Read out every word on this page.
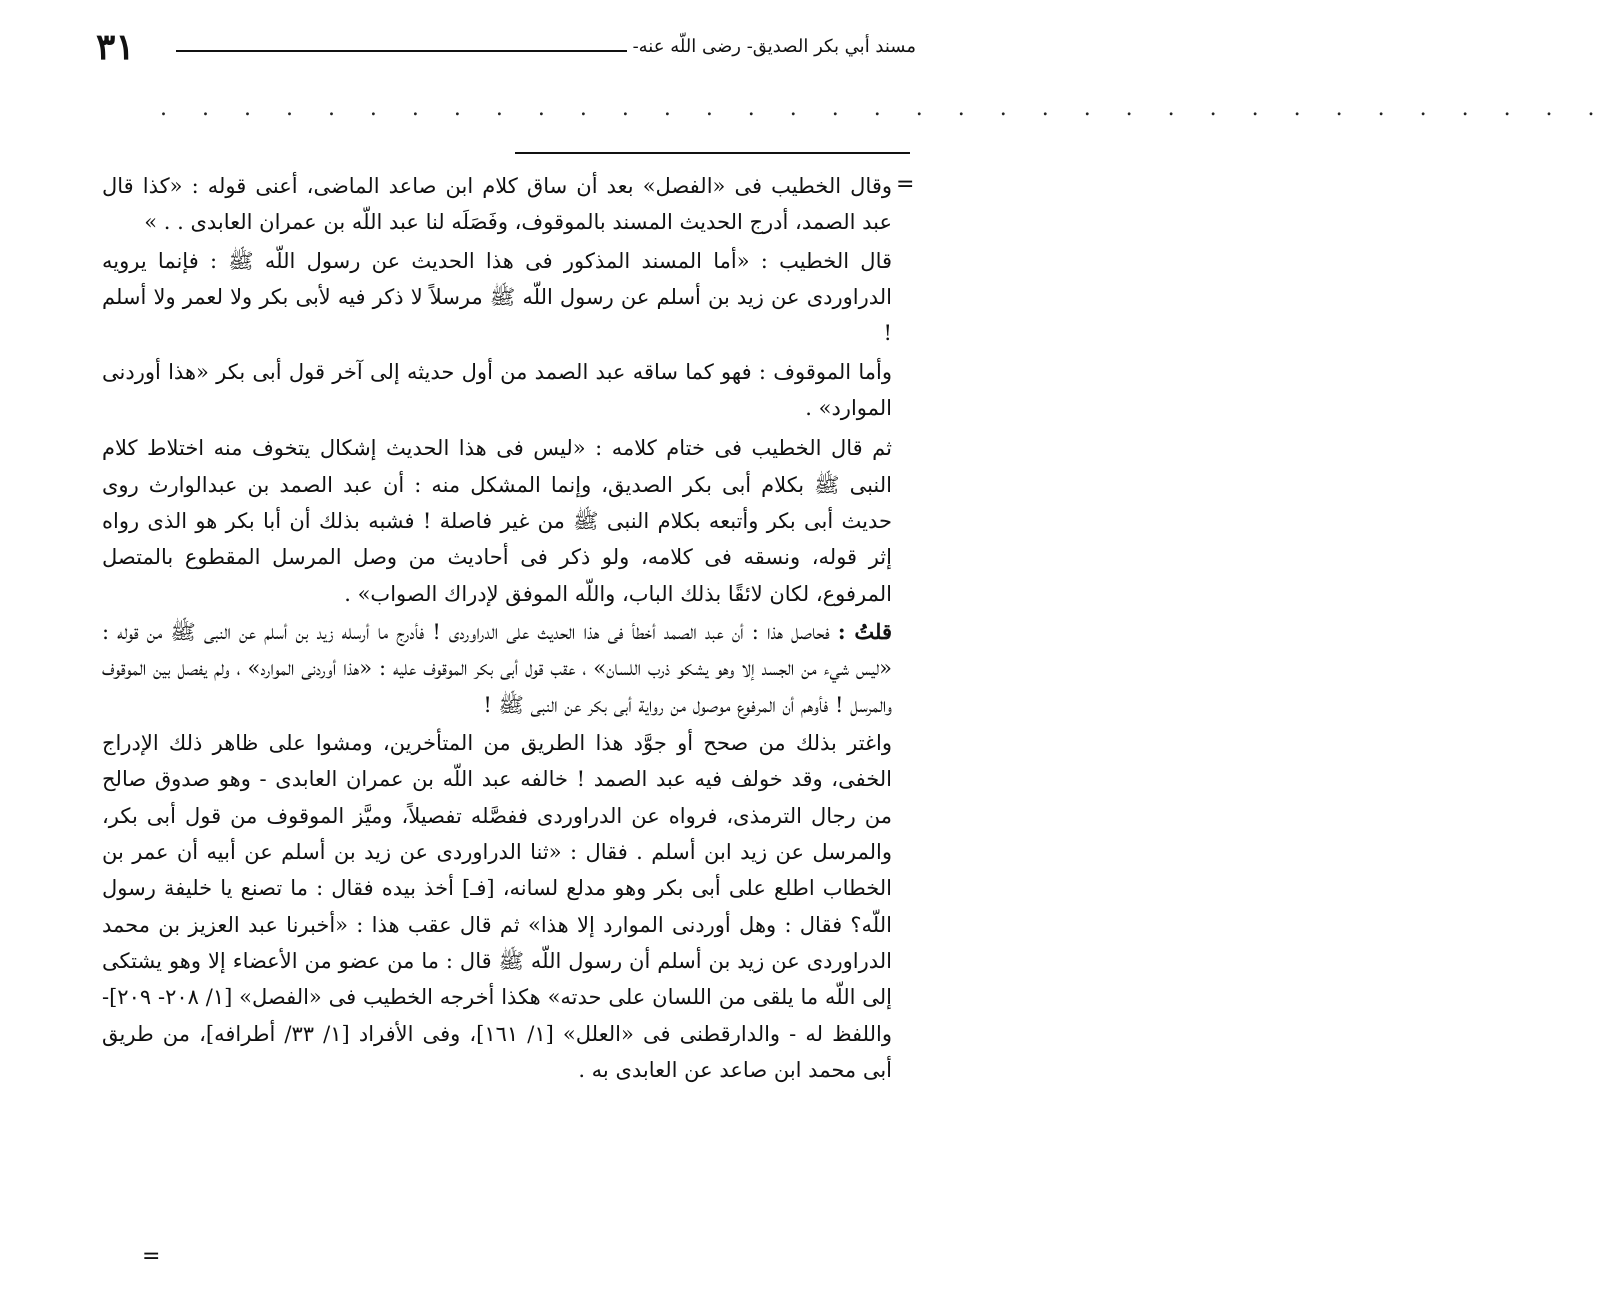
٣١	مسند أبي بكر الصديق- رضى اللّه عنه-
. . . . . . . . . . . . . . . . . . . . . . . . . . . . . . . . . . .
=
=

وقال الخطيب فى «الفصل» بعد أن ساق كلام ابن صاعد الماضى، أعنى قوله : «كذا قال عبد الصمد، أدرج الحديث المسند بالموقوف، وفَصَلَه لنا عبد اللّه بن عمران العابدى . . »

قال الخطيب : «أما المسند المذكور فى هذا الحديث عن رسول اللّه ﷺ : فإنما يرويه الدراوردى عن زيد بن أسلم عن رسول اللّه ﷺ مرسلاً لا ذكر فيه لأبى بكر ولا لعمر ولا أسلم !

وأما الموقوف : فهو كما ساقه عبد الصمد من أول حديثه إلى آخر قول أبى بكر «هذا أوردنى الموارد» .

ثم قال الخطيب فى ختام كلامه : «ليس فى هذا الحديث إشكال يتخوف منه اختلاط كلام النبى ﷺ بكلام أبى بكر الصديق، وإنما المشكل منه : أن عبد الصمد بن عبدالوارث روى حديث أبى بكر وأتبعه بكلام النبى ﷺ من غير فاصلة ! فشبه بذلك أن أبا بكر هو الذى رواه إثر قوله، ونسقه فى كلامه، ولو ذكر فى أحاديث من وصل المرسل المقطوع بالمتصل المرفوع، لكان لائقًا بذلك الباب، واللّه الموفق لإدراك الصواب» .

قلتُ : فحاصل هذا : أن عبد الصمد أخطأ فى هذا الحديث على الدراوردى ! فأدرج ما أرسله زيد بن أسلم عن النبى ﷺ من قوله : «ليس شيء من الجسد إلا وهو يشكو ذرب اللسان» ، عقب قول أبى بكر الموقوف عليه : «هذا أوردنى الموارد» ، ولم يفصل بين الموقوف والمرسل ! فأوهم أن المرفوع موصول من رواية أبى بكر عن النبى ﷺ !

واغتر بذلك من صحح أو جوَّد هذا الطريق من المتأخرين، ومشوا على ظاهر ذلك الإدراج الخفى، وقد خولف فيه عبد الصمد ! خالفه عبد اللّه بن عمران العابدى - وهو صدوق صالح من رجال الترمذى، فرواه عن الدراوردى ففصَّله تفصيلاً، وميَّز الموقوف من قول أبى بكر، والمرسل عن زيد ابن أسلم . فقال : «ثنا الدراوردى عن زيد بن أسلم عن أبيه أن عمر بن الخطاب اطلع على أبى بكر وهو مدلع لسانه، [فـ] أخذ بيده فقال : ما تصنع يا خليفة رسول اللّه؟ فقال : وهل أوردنى الموارد إلا هذا» ثم قال عقب هذا : «أخبرنا عبد العزيز بن محمد الدراوردى عن زيد بن أسلم أن رسول اللّه ﷺ قال : ما من عضو من الأعضاء إلا وهو يشتكى إلى اللّه ما يلقى من اللسان على حدته» هكذا أخرجه الخطيب فى «الفصل» [١/ ٢٠٨- ٢٠٩]- واللفظ له - والدارقطنى فى «العلل» [١/ ١٦١]، وفى الأفراد [١/ ٣٣/ أطرافه]، من طريق أبى محمد ابن صاعد عن العابدى به .
